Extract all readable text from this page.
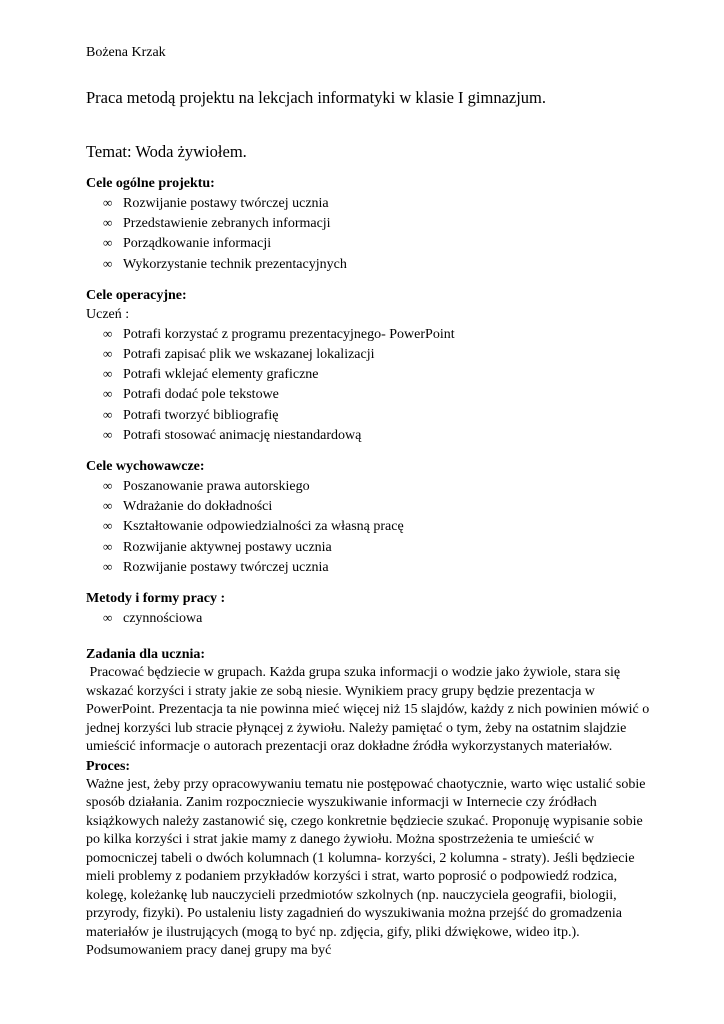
Bożena Krzak
Praca metodą projektu na lekcjach informatyki w klasie I gimnazjum.
Temat: Woda żywiołem.
Cele ogólne projektu:
∞ Rozwijanie postawy twórczej ucznia
∞ Przedstawienie zebranych informacji
∞ Porządkowanie informacji
∞ Wykorzystanie technik prezentacyjnych
Cele operacyjne:
Uczeń :
∞ Potrafi korzystać z programu prezentacyjnego- PowerPoint
∞ Potrafi zapisać plik we wskazanej lokalizacji
∞ Potrafi wklejać elementy graficzne
∞ Potrafi dodać pole tekstowe
∞ Potrafi tworzyć bibliografię
∞ Potrafi stosować animację niestandardową
Cele wychowawcze:
∞ Poszanowanie prawa autorskiego
∞ Wdrażanie do dokładności
∞ Kształtowanie odpowiedzialności za własną pracę
∞ Rozwijanie aktywnej postawy ucznia
∞ Rozwijanie postawy twórczej ucznia
Metody i formy pracy :
∞ czynnościowa
Zadania dla ucznia:
Pracować będziecie w grupach. Każda grupa szuka informacji o wodzie jako żywiole, stara się wskazać korzyści i straty jakie ze sobą niesie. Wynikiem pracy grupy będzie prezentacja w PowerPoint. Prezentacja ta nie powinna mieć więcej niż 15 slajdów, każdy z nich powinien mówić o jednej korzyści lub stracie płynącej z żywiołu. Należy pamiętać o tym, żeby na ostatnim slajdzie umieścić informacje o autorach prezentacji oraz dokładne źródła wykorzystanych materiałów.
Proces:
Ważne jest, żeby przy opracowywaniu tematu nie postępować chaotycznie, warto więc ustalić sobie sposób działania. Zanim rozpoczniecie wyszukiwanie informacji w Internecie czy źródłach książkowych należy zastanowić się, czego konkretnie będziecie szukać. Proponuję wypisanie sobie po kilka korzyści i strat jakie mamy z danego żywiołu. Można spostrzeżenia te umieścić w pomocniczej tabeli o dwóch kolumnach (1 kolumna- korzyści, 2 kolumna - straty). Jeśli będziecie mieli problemy z podaniem przykładów korzyści i strat, warto poprosić o podpowiedź rodzica, kolegę, koleżankę lub nauczycieli przedmiotów szkolnych (np. nauczyciela geografii, biologii, przyrody, fizyki). Po ustaleniu listy zagadnień do wyszukiwania można przejść do gromadzenia materiałów je ilustrujących (mogą to być np. zdjęcia, gify, pliki dźwiękowe, wideo itp.). Podsumowaniem pracy danej grupy ma być
